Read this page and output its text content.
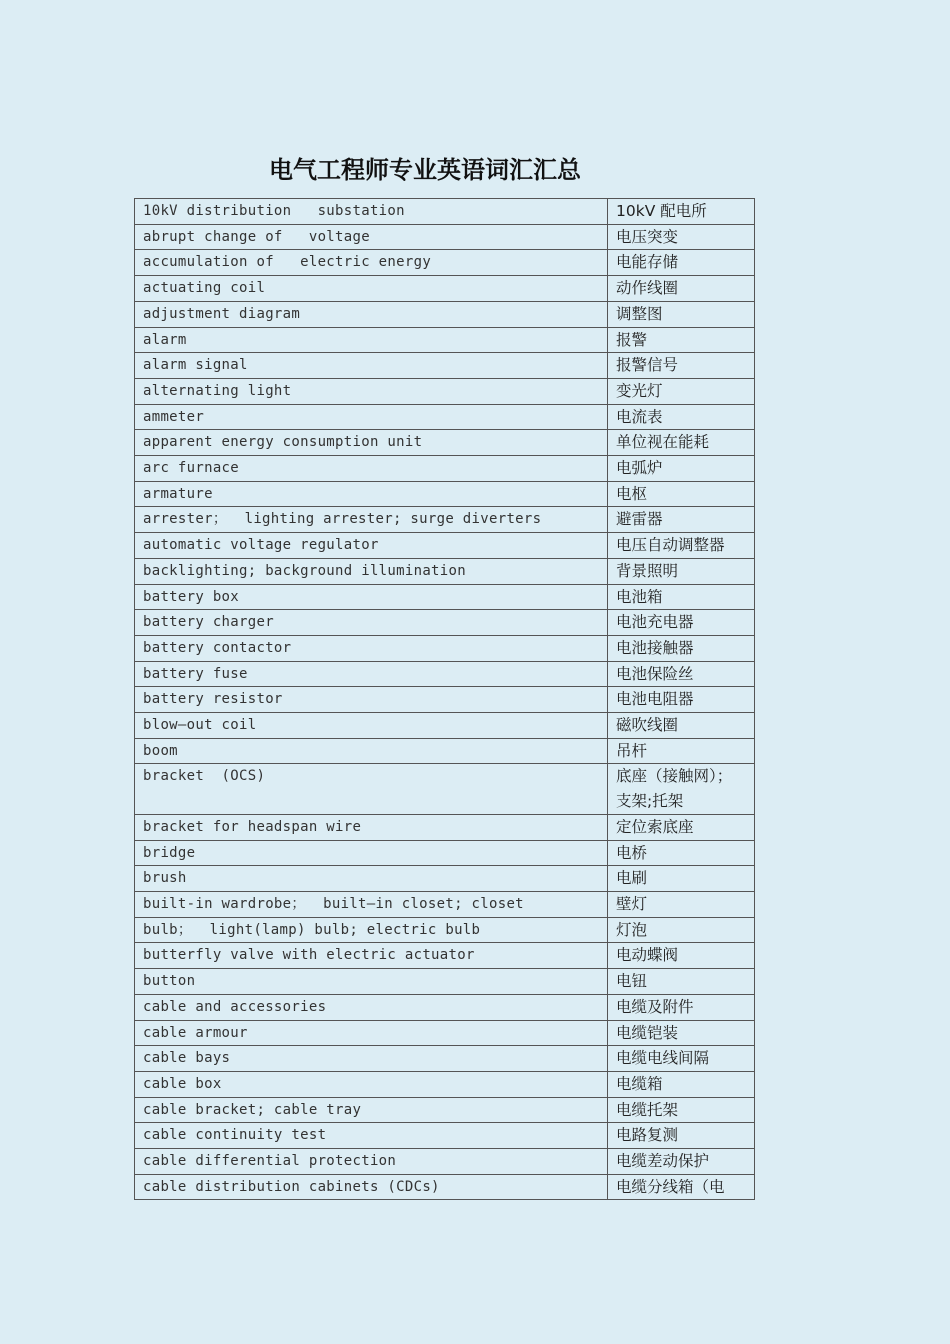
电气工程师专业英语词汇汇总
10kV distribution   substation	10kV 配电所
abrupt change of   voltage	电压突变
accumulation of   electric energy	电能存储
actuating coil	动作线圈
adjustment diagram	调整图
alarm	报警
alarm signal	报警信号
alternating light	变光灯
ammeter	电流表
apparent energy consumption unit	单位视在能耗
arc furnace	电弧炉
armature	电枢
arrester；  lighting arrester; surge diverters	避雷器
automatic voltage regulator	电压自动调整器
backlighting; background illumination	背景照明
battery box	电池箱
battery charger	电池充电器
battery contactor	电池接触器
battery fuse	电池保险丝
battery resistor	电池电阻器
blow—out coil	磁吹线圈
boom	吊杆
bracket  (OCS)	底座（接触网）；支架;托架
bracket for headspan wire	定位索底座
bridge	电桥
brush	电刷
built-in wardrobe；  built—in closet; closet	壁灯
bulb；  light(lamp) bulb; electric bulb	灯泡
butterfly valve with electric actuator	电动蝶阀
button	电钮
cable and accessories	电缆及附件
cable armour	电缆铠装
cable bays	电缆电线间隔
cable box	电缆箱
cable bracket; cable tray	电缆托架
cable continuity test	电路复测
cable differential protection	电缆差动保护
cable distribution cabinets (CDCs)	电缆分线箱（电
